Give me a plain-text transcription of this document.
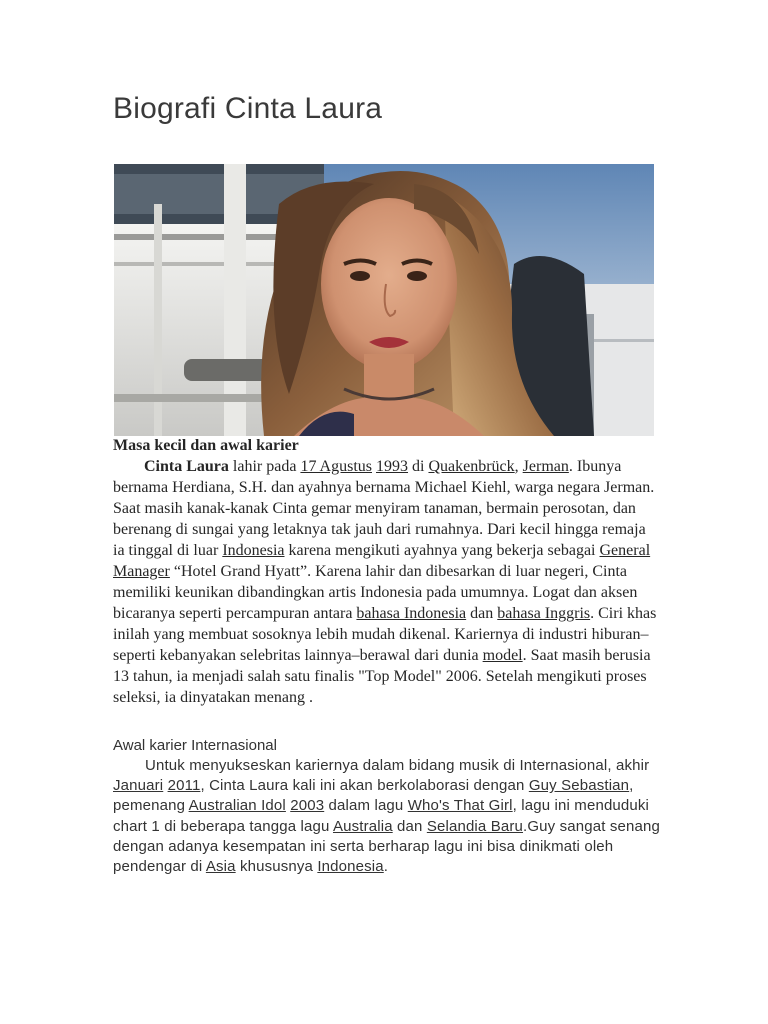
Biografi Cinta Laura
Masa kecil dan awal karier

Cinta Laura lahir pada 17 Agustus 1993 di Quakenbrück, Jerman. Ibunya bernama Herdiana, S.H. dan ayahnya bernama Michael Kiehl, warga negara Jerman. Saat masih kanak-kanak Cinta gemar menyiram tanaman, bermain perosotan, dan berenang di sungai yang letaknya tak jauh dari rumahnya. Dari kecil hingga remaja ia tinggal di luar Indonesia karena mengikuti ayahnya yang bekerja sebagai General Manager “Hotel Grand Hyatt”. Karena lahir dan dibesarkan di luar negeri, Cinta memiliki keunikan dibandingkan artis Indonesia pada umumnya. Logat dan aksen bicaranya seperti percampuran antara bahasa Indonesia dan bahasa Inggris. Ciri khas inilah yang membuat sosoknya lebih mudah dikenal. Kariernya di industri hiburan–seperti kebanyakan selebritas lainnya–berawal dari dunia model. Saat masih berusia 13 tahun, ia menjadi salah satu finalis "Top Model" 2006. Setelah mengikuti proses seleksi, ia dinyatakan menang .

Awal karier Internasional

Untuk menyukseskan kariernya dalam bidang musik di Internasional, akhir Januari 2011, Cinta Laura kali ini akan berkolaborasi dengan Guy Sebastian, pemenang Australian Idol 2003 dalam lagu Who's That Girl, lagu ini menduduki chart 1 di beberapa tangga lagu Australia dan Selandia Baru.Guy sangat senang dengan adanya kesempatan ini serta berharap lagu ini bisa dinikmati oleh pendengar di Asia khususnya Indonesia.
